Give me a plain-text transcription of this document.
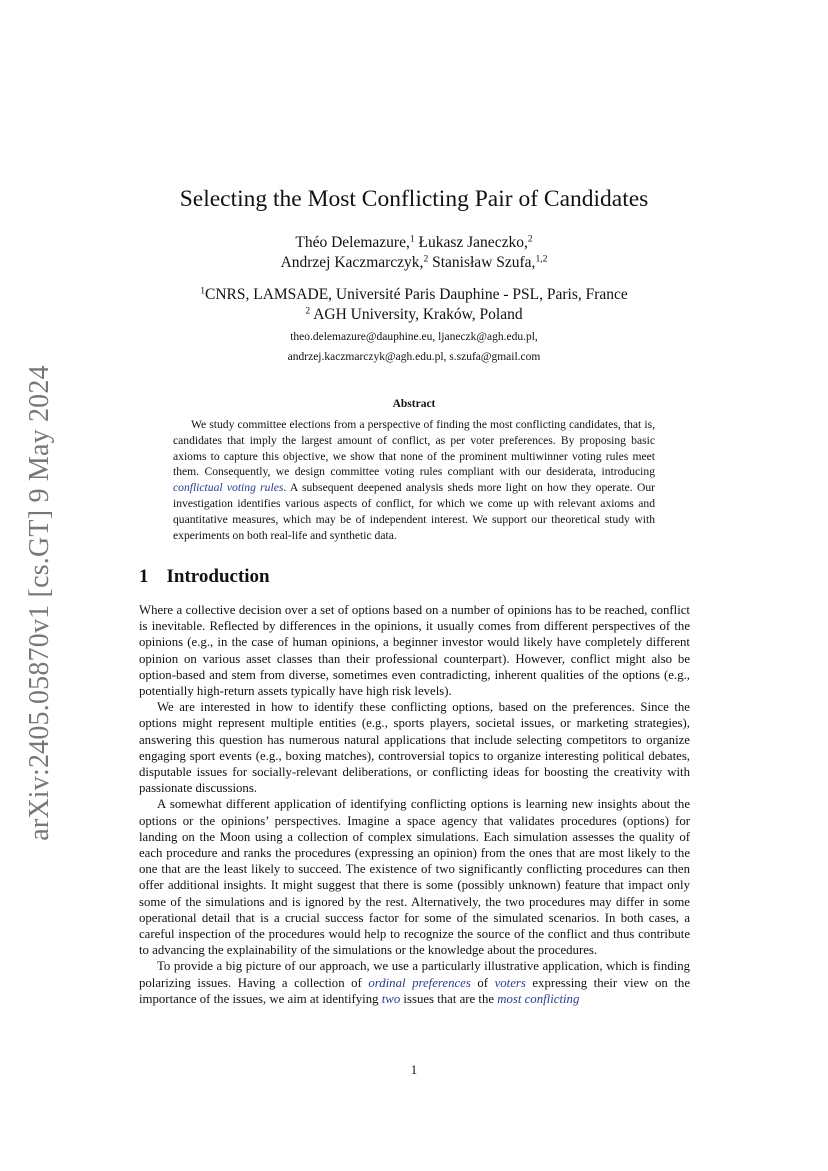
arXiv:2405.05870v1 [cs.GT] 9 May 2024
Selecting the Most Conflicting Pair of Candidates
Théo Delemazure,$^1$ Łukasz Janeczko,$^2$
Andrzej Kaczmarczyk,$^2$ Stanisław Szufa,$^{1,2}$
$^1$CNRS, LAMSADE, Université Paris Dauphine - PSL, Paris, France
$^2$ AGH University, Kraków, Poland
theo.delemazure@dauphine.eu, ljaneczk@agh.edu.pl,
andrzej.kaczmarczyk@agh.edu.pl, s.szufa@gmail.com
Abstract

We study committee elections from a perspective of finding the most conflicting candidates, that is, candidates that imply the largest amount of conflict, as per voter preferences. By proposing basic axioms to capture this objective, we show that none of the prominent multiwinner voting rules meet them. Consequently, we design committee voting rules compliant with our desiderata, introducing conflictual voting rules. A subsequent deepened analysis sheds more light on how they operate. Our investigation identifies various aspects of conflict, for which we come up with relevant axioms and quantitative measures, which may be of independent interest. We support our theoretical study with experiments on both real-life and synthetic data.

1 Introduction

Where a collective decision over a set of options based on a number of opinions has to be reached, conflict is inevitable. Reflected by differences in the opinions, it usually comes from different perspectives of the opinions (e.g., in the case of human opinions, a beginner investor would likely have completely different opinion on various asset classes than their professional counterpart). However, conflict might also be option-based and stem from diverse, sometimes even contradicting, inherent qualities of the options (e.g., potentially high-return assets typically have high risk levels).

We are interested in how to identify these conflicting options, based on the preferences. Since the options might represent multiple entities (e.g., sports players, societal issues, or marketing strategies), answering this question has numerous natural applications that include selecting competitors to organize engaging sport events (e.g., boxing matches), controversial topics to organize interesting political debates, disputable issues for socially-relevant deliberations, or conflicting ideas for boosting the creativity with passionate discussions.

A somewhat different application of identifying conflicting options is learning new insights about the options or the opinions’ perspectives. Imagine a space agency that validates procedures (options) for landing on the Moon using a collection of complex simulations. Each simulation assesses the quality of each procedure and ranks the procedures (expressing an opinion) from the ones that are most likely to the one that are the least likely to succeed. The existence of two significantly conflicting procedures can then offer additional insights. It might suggest that there is some (possibly unknown) feature that impact only some of the simulations and is ignored by the rest. Alternatively, the two procedures may differ in some operational detail that is a crucial success factor for some of the simulated scenarios. In both cases, a careful inspection of the procedures would help to recognize the source of the conflict and thus contribute to advancing the explainability of the simulations or the knowledge about the procedures.

To provide a big picture of our approach, we use a particularly illustrative application, which is finding polarizing issues. Having a collection of ordinal preferences of voters expressing their view on the importance of the issues, we aim at identifying two issues that are the most conflicting

1
